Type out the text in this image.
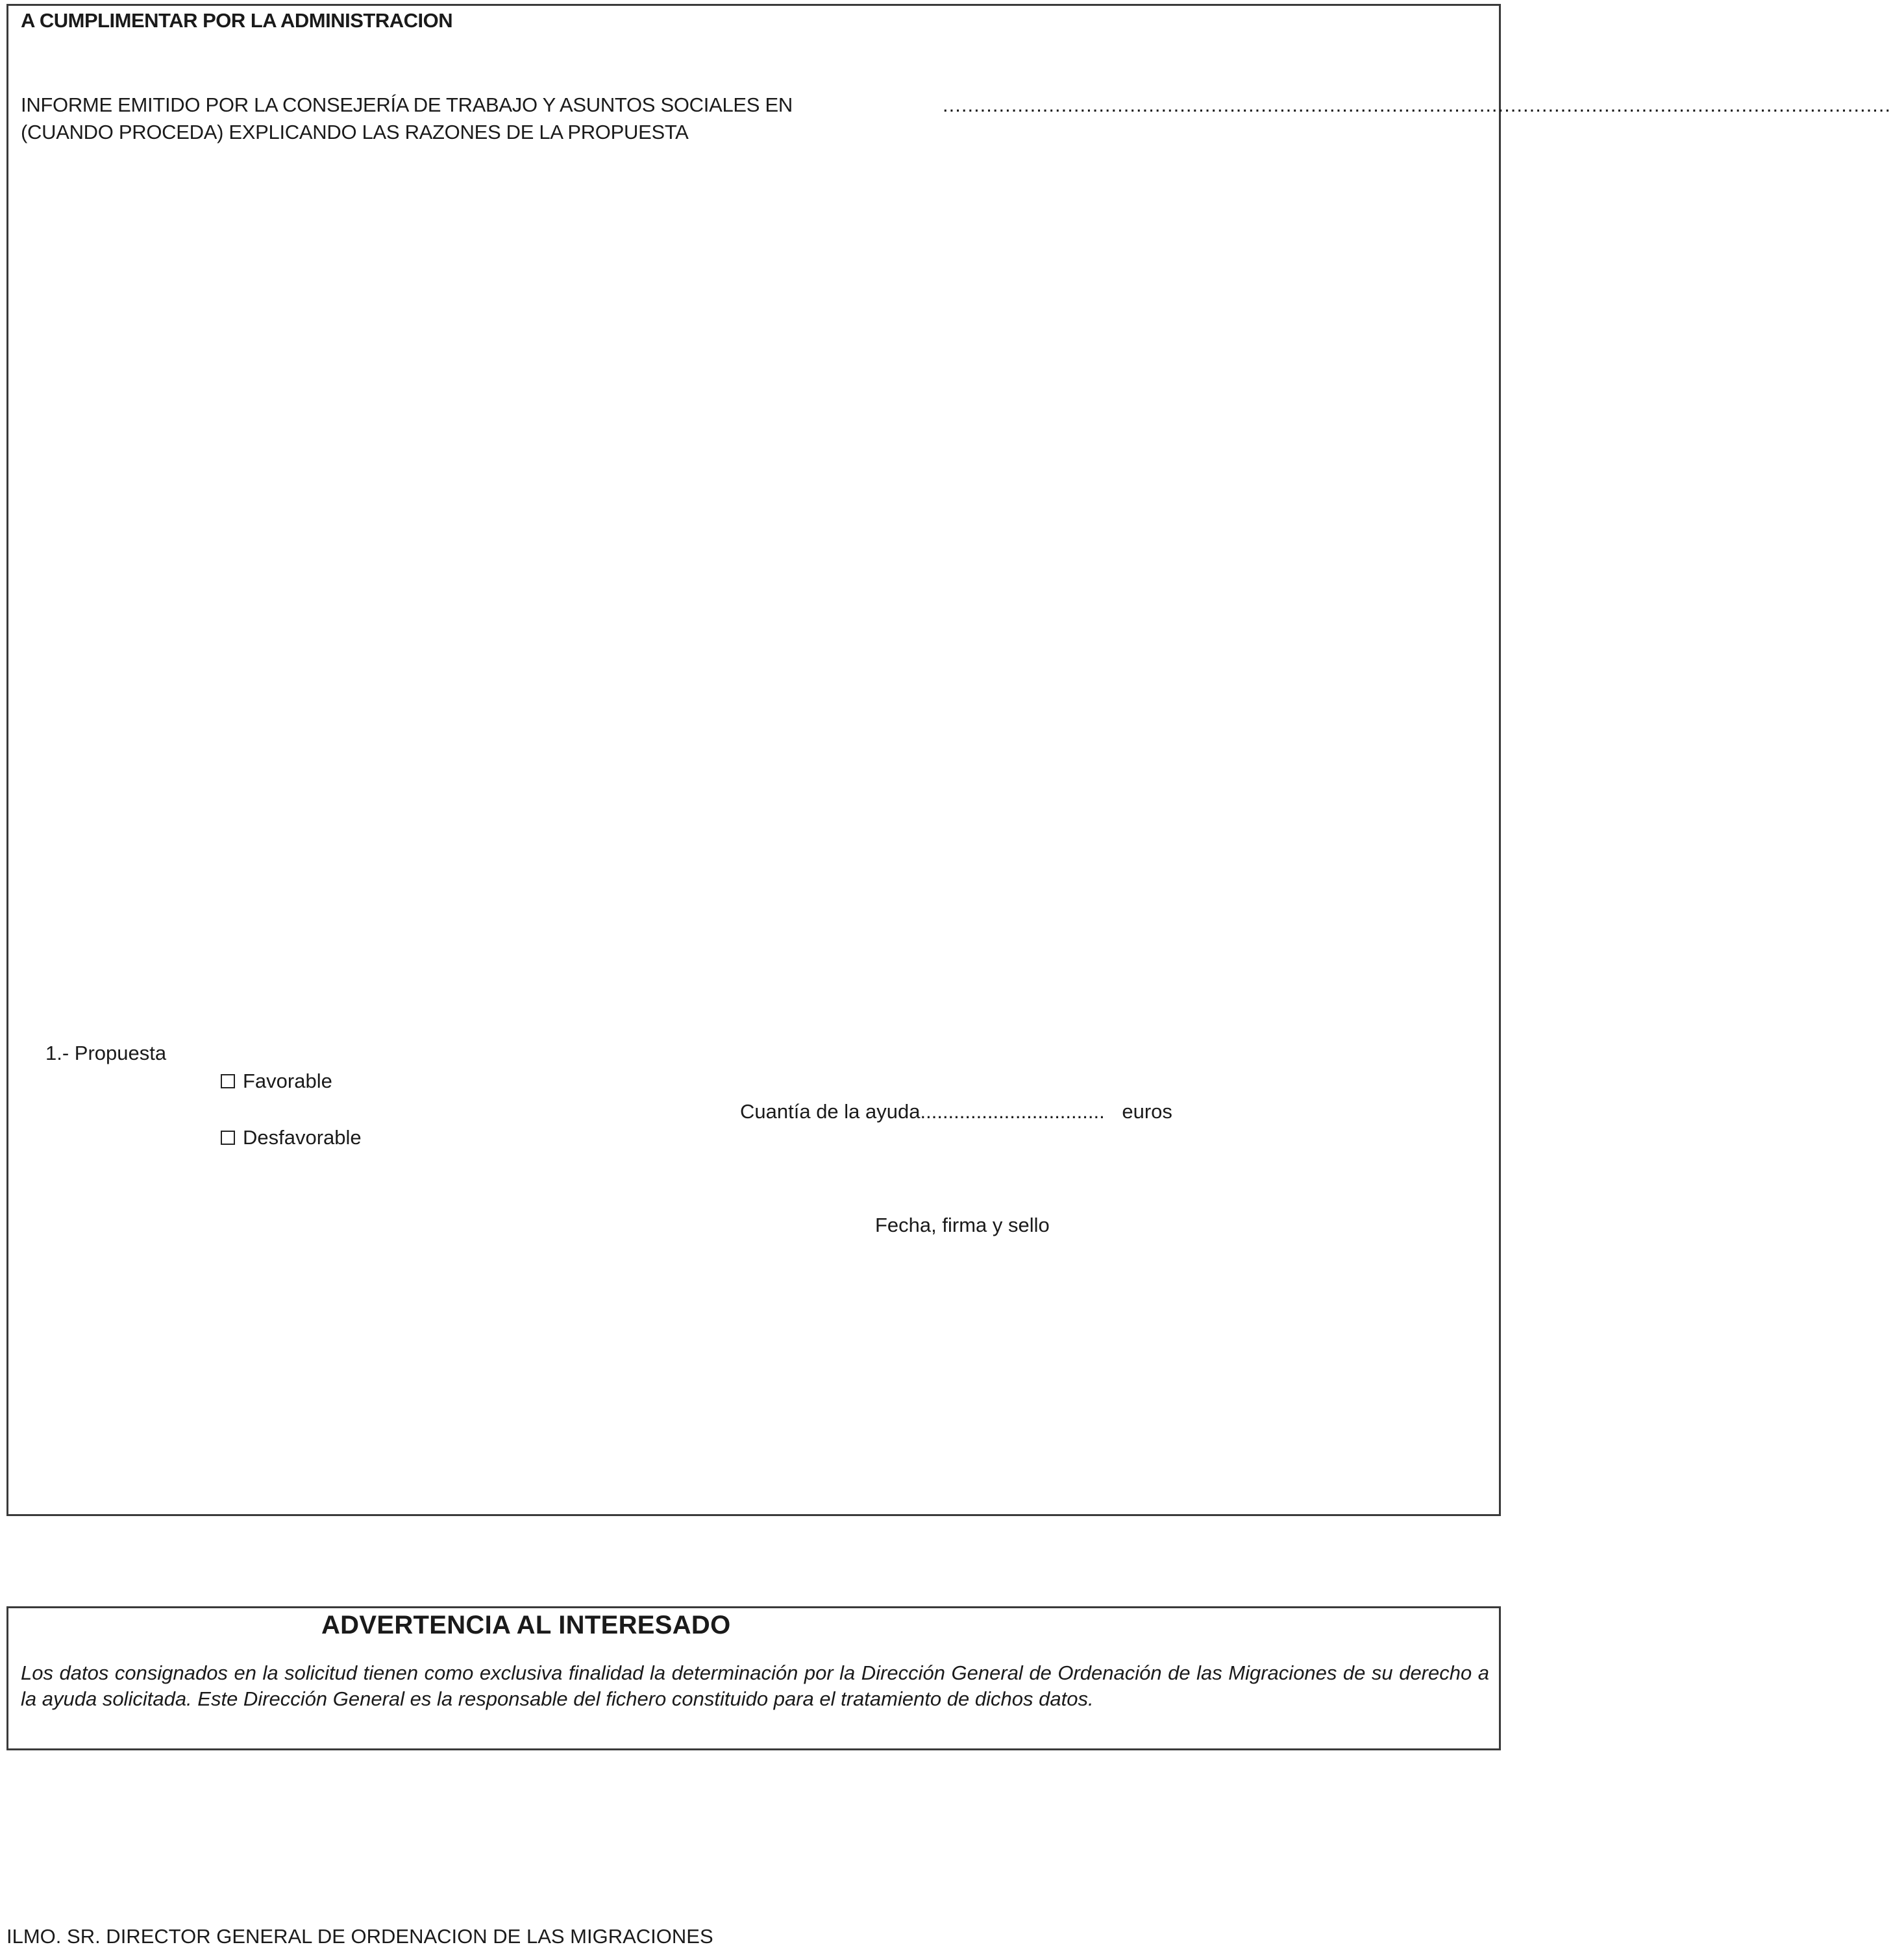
A CUMPLIMENTAR POR LA ADMINISTRACION
INFORME EMITIDO POR LA CONSEJERÍA DE TRABAJO Y ASUNTOS SOCIALES EN	........................................................................................................................................................
(CUANDO PROCEDA) EXPLICANDO LAS RAZONES DE LA PROPUESTA
1.- Propuesta
Favorable
Desfavorable
Cuantía de la ayuda................................. euros
Fecha, firma y sello
ADVERTENCIA AL INTERESADO
Los datos consignados en la solicitud tienen como exclusiva finalidad la determinación por la Dirección General de Ordenación de las Migraciones de su derecho a la ayuda solicitada. Este Dirección General es la responsable del fichero constituido para el tratamiento de dichos datos.
ILMO. SR. DIRECTOR GENERAL DE ORDENACION DE LAS MIGRACIONES
